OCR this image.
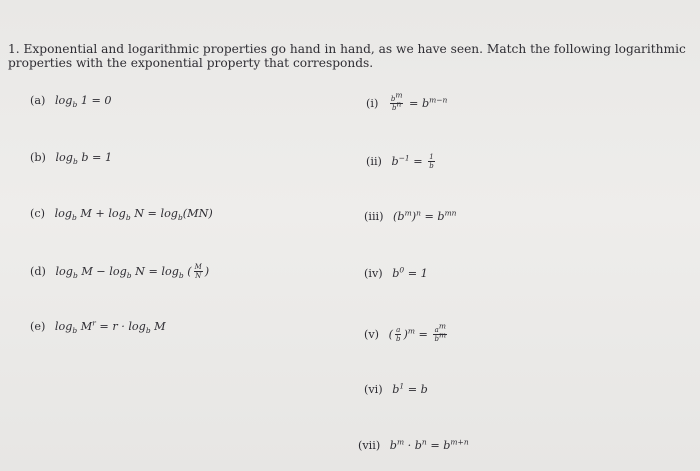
1. Exponential and logarithmic properties go hand in hand, as we have seen. Match the following logarithmic properties with the exponential property that corresponds.
(a) $\log_b 1 = 0$
(b) $\log_b b = 1$
(c) $\log_b M + \log_b N = \log_b(MN)$
(d) $\log_b M - \log_b N = \log_b$ ( $\frac{M}{N}$ )
(e) $\log_b M^r = r \cdot \log_b M$
$(i) \frac{b^m}{b^n} = b^{m-n}$
(ii) $b^{-1} = \frac{1}{b}$
(iii) $(b^m)^n = b^{mn}$
(iv) $b^0 = 1$
(v) ( $\frac{a}{b} )^m = \frac{a^m}{b^m}$
(vi) $b^1 = b$
(vii) $b^m \cdot b^n = b^{m+n}$
